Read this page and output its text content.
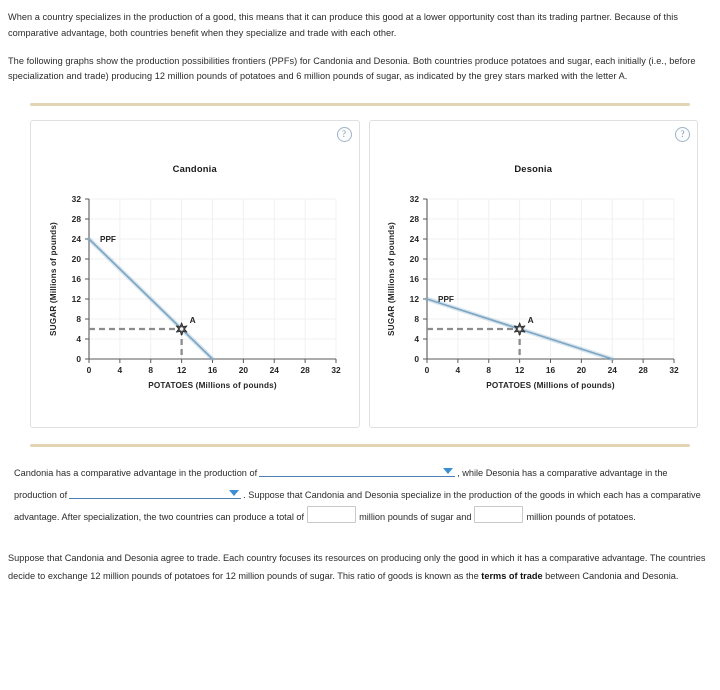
When a country specializes in the production of a good, this means that it can produce this good at a lower opportunity cost than its trading partner. Because of this comparative advantage, both countries benefit when they specialize and trade with each other.

The following graphs show the production possibilities frontiers (PPFs) for Candonia and Desonia. Both countries produce potatoes and sugar, each initially (i.e., before specialization and trade) producing 12 million pounds of potatoes and 6 million pounds of sugar, as indicated by the grey stars marked with the letter A.

?
Candonia
0	4	8	12	16	20	24	28	32
0
4
8
12
16
20
24
28
32
POTATOES (Millions of pounds)
SUGAR (Millions of pounds)	PPF
A
?
Desonia
0	4	8	12	16	20	24	28	32
0
4
8
12
16
20
24
28
32
POTATOES (Millions of pounds)
SUGAR (Millions of pounds)	PPF
A
Candonia has a comparative advantage in the production of	, while Desonia has a comparative advantage in the production of	. Suppose that Candonia and Desonia specialize in the production of the goods in which each has a comparative advantage. After specialization, the two countries can produce a total of	million pounds of sugar and	million pounds of potatoes.
Suppose that Candonia and Desonia agree to trade. Each country focuses its resources on producing only the good in which it has a comparative advantage. The countries decide to exchange 12 million pounds of potatoes for 12 million pounds of sugar. This ratio of goods is known as the terms of trade between Candonia and Desonia.
